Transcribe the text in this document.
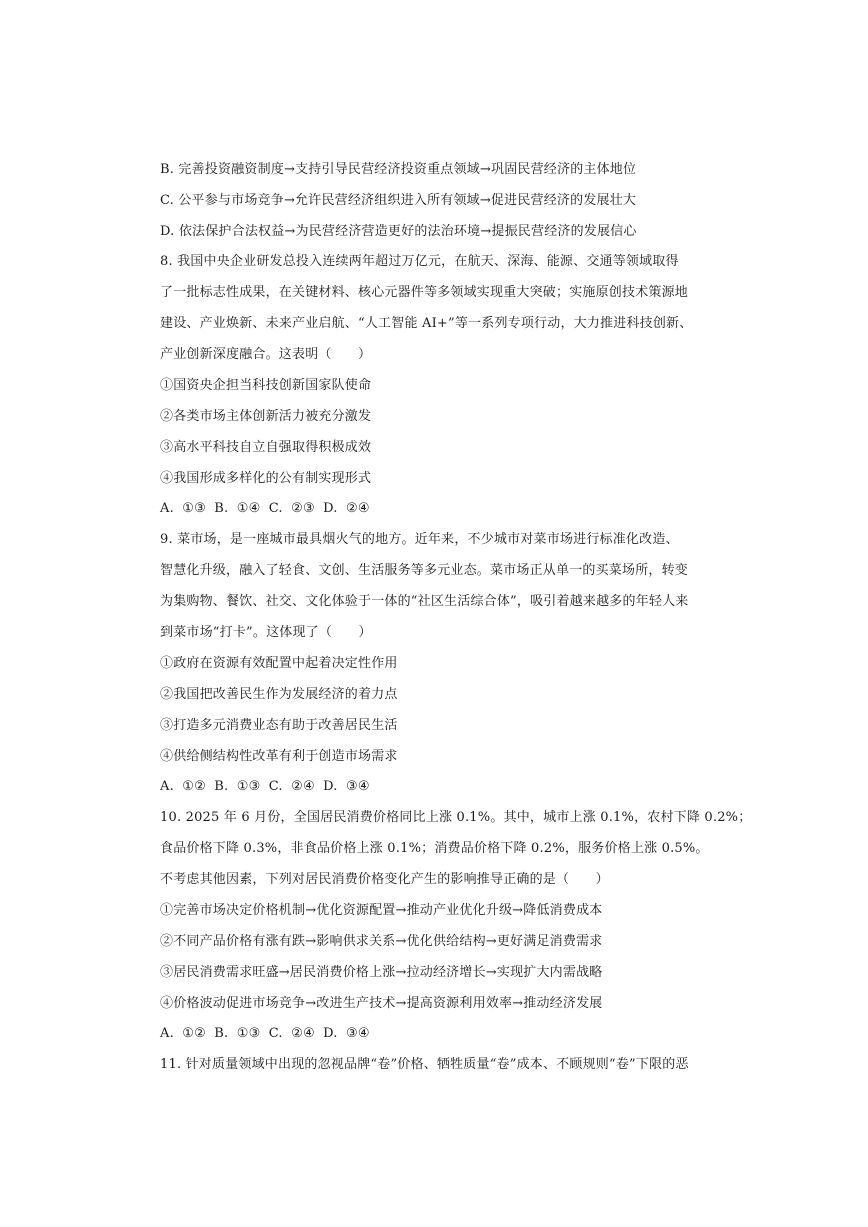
B. 完善投资融资制度→支持引导民营经济投资重点领域→巩固民营经济的主体地位
C. 公平参与市场竞争→允许民营经济组织进入所有领域→促进民营经济的发展壮大
D. 依法保护合法权益→为民营经济营造更好的法治环境→提振民营经济的发展信心
8. 我国中央企业研发总投入连续两年超过万亿元，在航天、深海、能源、交通等领域取得
了一批标志性成果，在关键材料、核心元器件等多领域实现重大突破；实施原创技术策源地
建设、产业焕新、未来产业启航、“人工智能 AI+”等一系列专项行动，大力推进科技创新、
产业创新深度融合。这表明（　　）
①国资央企担当科技创新国家队使命
②各类市场主体创新活力被充分激发
③高水平科技自立自强取得积极成效
④我国形成多样化的公有制实现形式
A. ①③ B. ①④ C. ②③ D. ②④
9. 菜市场，是一座城市最具烟火气的地方。近年来，不少城市对菜市场进行标准化改造、
智慧化升级，融入了轻食、文创、生活服务等多元业态。菜市场正从单一的买菜场所，转变
为集购物、餐饮、社交、文化体验于一体的“社区生活综合体”，吸引着越来越多的年轻人来
到菜市场“打卡”。这体现了（　　）
①政府在资源有效配置中起着决定性作用
②我国把改善民生作为发展经济的着力点
③打造多元消费业态有助于改善居民生活
④供给侧结构性改革有利于创造市场需求
A. ①② B. ①③ C. ②④ D. ③④
10. 2025 年 6 月份，全国居民消费价格同比上涨 0.1%。其中，城市上涨 0.1%，农村下降 0.2%；
食品价格下降 0.3%，非食品价格上涨 0.1%；消费品价格下降 0.2%，服务价格上涨 0.5%。
不考虑其他因素，下列对居民消费价格变化产生的影响推导正确的是（　　）
①完善市场决定价格机制→优化资源配置→推动产业优化升级→降低消费成本
②不同产品价格有涨有跌→影响供求关系→优化供给结构→更好满足消费需求
③居民消费需求旺盛→居民消费价格上涨→拉动经济增长→实现扩大内需战略
④价格波动促进市场竞争→改进生产技术→提高资源利用效率→推动经济发展
A. ①② B. ①③ C. ②④ D. ③④
11. 针对质量领域中出现的忽视品牌“卷”价格、牺牲质量“卷”成本、不顾规则“卷”下限的恶
